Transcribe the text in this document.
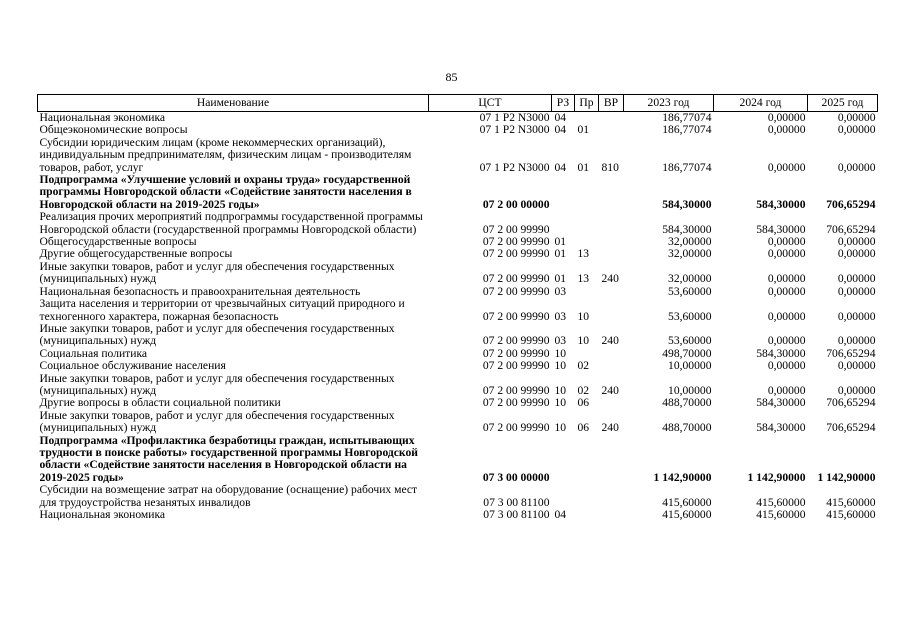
85
Наименование	ЦСТ	РЗ	Пр	ВР	2023 год	2024 год	2025 год
Национальная экономика	07 1 Р2 N3000	04			186,77074	0,00000	0,00000
Общеэкономические вопросы	07 1 Р2 N3000	04	01		186,77074	0,00000	0,00000
Субсидии юридическим лицам (кроме некоммерческих организаций), индивидуальным предпринимателям, физическим лицам - производителям товаров, работ, услуг	07 1 Р2 N3000	04	01	810	186,77074	0,00000	0,00000
Подпрограмма «Улучшение условий и охраны труда» государственной программы Новгородской области «Содействие занятости населения в Новгородской области на 2019-2025 годы»	07 2 00 00000				584,30000	584,30000	706,65294
Реализация прочих мероприятий подпрограммы государственной программы Новгородской области (государственной программы Новгородской области)	07 2 00 99990				584,30000	584,30000	706,65294
Общегосударственные вопросы	07 2 00 99990	01			32,00000	0,00000	0,00000
Другие общегосударственные вопросы	07 2 00 99990	01	13		32,00000	0,00000	0,00000
Иные закупки товаров, работ и услуг для обеспечения государственных (муниципальных) нужд	07 2 00 99990	01	13	240	32,00000	0,00000	0,00000
Национальная безопасность и правоохранительная деятельность	07 2 00 99990	03			53,60000	0,00000	0,00000
Защита населения и территории от чрезвычайных ситуаций природного и техногенного характера, пожарная безопасность	07 2 00 99990	03	10		53,60000	0,00000	0,00000
Иные закупки товаров, работ и услуг для обеспечения государственных (муниципальных) нужд	07 2 00 99990	03	10	240	53,60000	0,00000	0,00000
Социальная политика	07 2 00 99990	10			498,70000	584,30000	706,65294
Социальное обслуживание населения	07 2 00 99990	10	02		10,00000	0,00000	0,00000
Иные закупки товаров, работ и услуг для обеспечения государственных (муниципальных) нужд	07 2 00 99990	10	02	240	10,00000	0,00000	0,00000
Другие вопросы в области социальной политики	07 2 00 99990	10	06		488,70000	584,30000	706,65294
Иные закупки товаров, работ и услуг для обеспечения государственных (муниципальных) нужд	07 2 00 99990	10	06	240	488,70000	584,30000	706,65294
Подпрограмма «Профилактика безработицы граждан, испытывающих трудности в поиске работы» государственной программы Новгородской области «Содействие занятости населения в Новгородской области на 2019-2025 годы»	07 3 00 00000				1 142,90000	1 142,90000	1 142,90000
Субсидии на возмещение затрат на оборудование (оснащение) рабочих мест для трудоустройства незанятых инвалидов	07 3 00 81100				415,60000	415,60000	415,60000
Национальная экономика	07 3 00 81100	04			415,60000	415,60000	415,60000
